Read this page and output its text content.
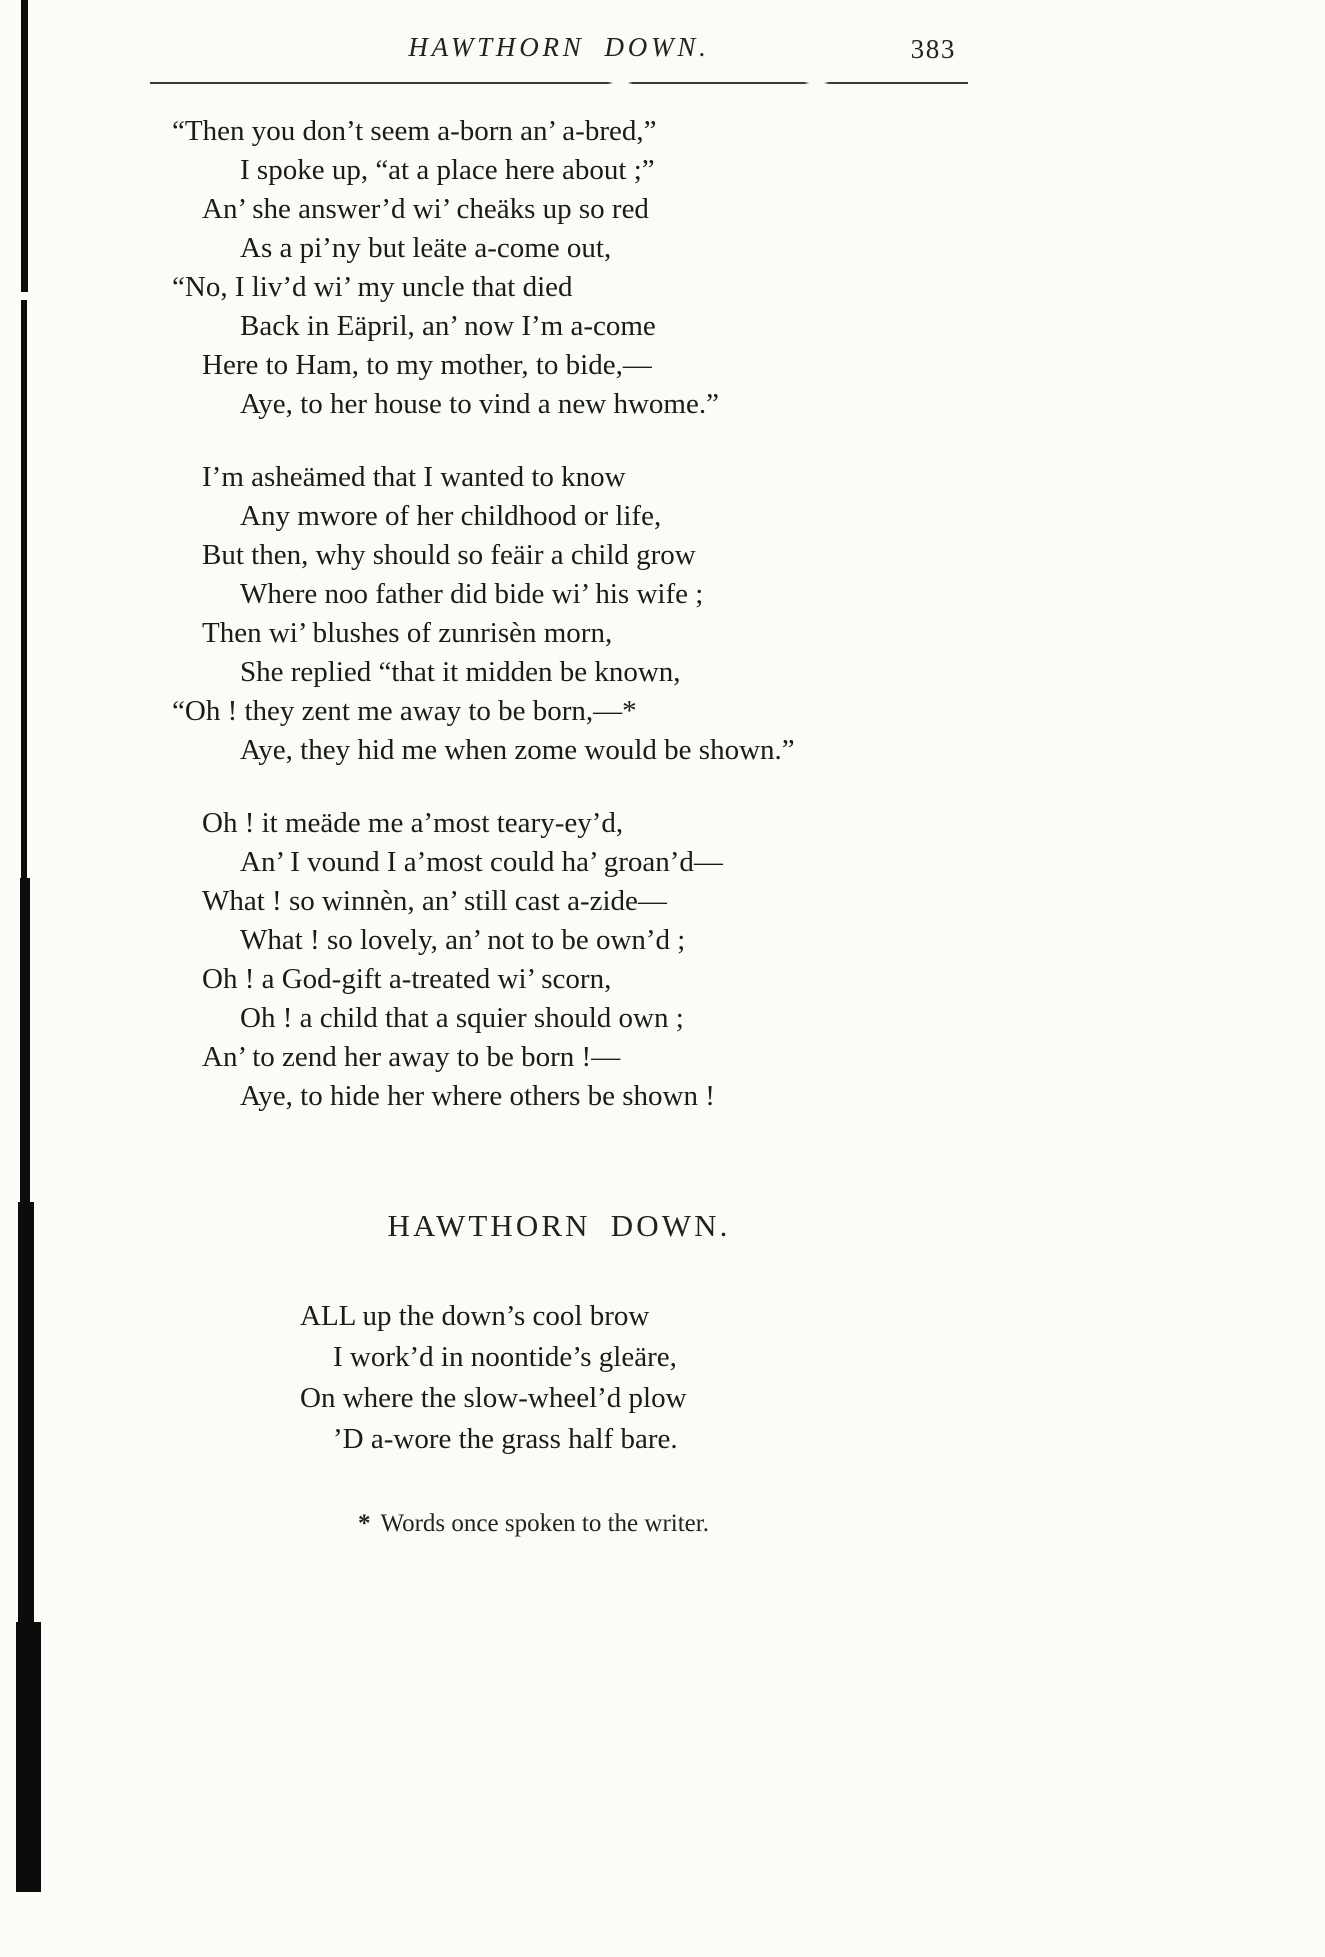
HAWTHORN DOWN.	383
“Then you don’t seem a-born an’ a-bred,”
I spoke up, “at a place here about ;”
An’ she answer’d wi’ cheäks up so red
As a pi’ny but leäte a-come out,
“No, I liv’d wi’ my uncle that died
Back in Eäpril, an’ now I’m a-come
Here to Ham, to my mother, to bide,—
Aye, to her house to vind a new hwome.”
I’m asheämed that I wanted to know
Any mwore of her childhood or life,
But then, why should so feäir a child grow
Where noo father did bide wi’ his wife ;
Then wi’ blushes of zunrisèn morn,
She replied “that it midden be known,
“Oh ! they zent me away to be born,—*
Aye, they hid me when zome would be shown.”
Oh ! it meäde me a’most teary-ey’d,
An’ I vound I a’most could ha’ groan’d—
What ! so winnèn, an’ still cast a-zide—
What ! so lovely, an’ not to be own’d ;
Oh ! a God-gift a-treated wi’ scorn,
Oh ! a child that a squier should own ;
An’ to zend her away to be born !—
Aye, to hide her where others be shown !
HAWTHORN DOWN.
ALL up the down’s cool brow
I work’d in noontide’s gleäre,
On where the slow-wheel’d plow
’D a-wore the grass half bare.
* Words once spoken to the writer.
